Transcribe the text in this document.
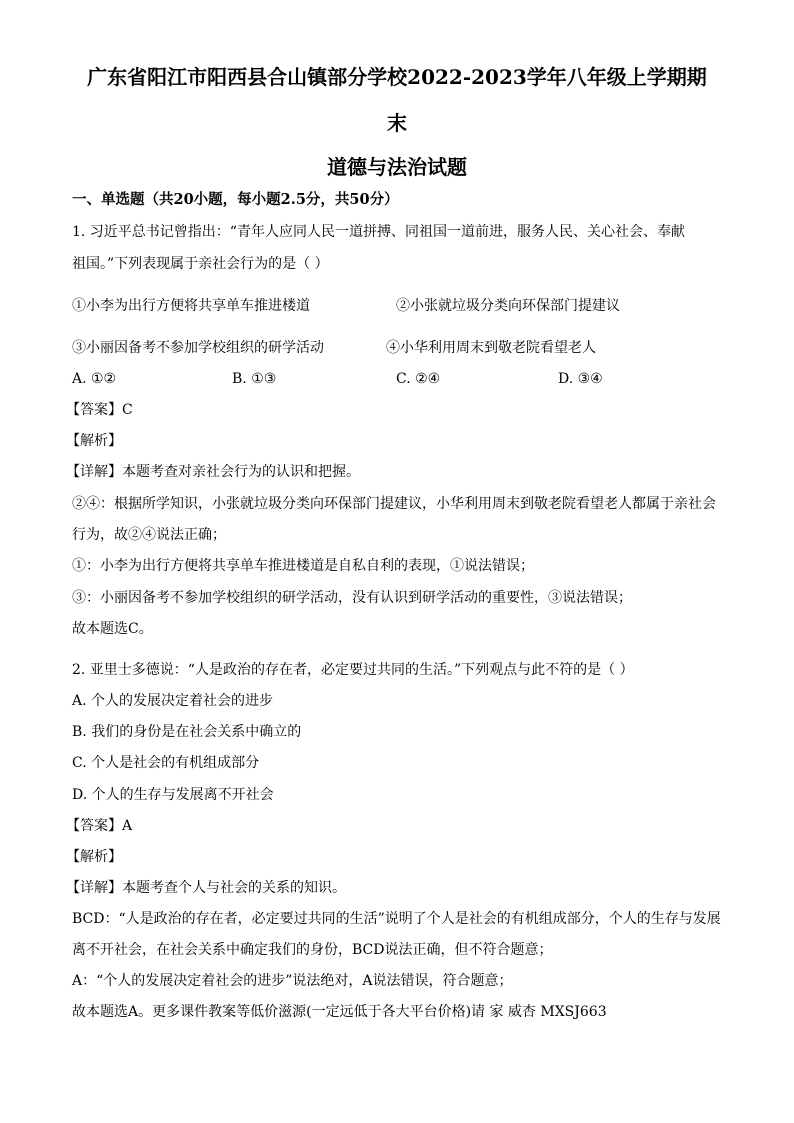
广东省阳江市阳西县合山镇部分学校2022-2023学年八年级上学期期
末
道德与法治试题
一、单选题（共20小题，每小题2.5分，共50分）
1. 习近平总书记曾指出：“青年人应同人民一道拼搏、同祖国一道前进，服务人民、关心社会、奉献
祖国。”下列表现属于亲社会行为的是（ ）
①小李为出行方便将共享单车推进楼道	②小张就垃圾分类向环保部门提建议
③小丽因备考不参加学校组织的研学活动	④小华利用周末到敬老院看望老人
A. ①②	B. ①③	C. ②④	D. ③④
【答案】C
【解析】
【详解】本题考查对亲社会行为的认识和把握。
②④：根据所学知识，小张就垃圾分类向环保部门提建议，小华利用周末到敬老院看望老人都属于亲社会
行为，故②④说法正确；
①：小李为出行方便将共享单车推进楼道是自私自利的表现，①说法错误；
③：小丽因备考不参加学校组织的研学活动，没有认识到研学活动的重要性，③说法错误；
故本题选C。
2. 亚里士多德说：“人是政治的存在者，必定要过共同的生活。”下列观点与此不符的是（ ）
A. 个人的发展决定着社会的进步
B. 我们的身份是在社会关系中确立的
C. 个人是社会的有机组成部分
D. 个人的生存与发展离不开社会
【答案】A
【解析】
【详解】本题考查个人与社会的关系的知识。
BCD：“人是政治的存在者，必定要过共同的生活”说明了个人是社会的有机组成部分，个人的生存与发展
离不开社会，在社会关系中确定我们的身份，BCD说法正确，但不符合题意；
A：“个人的发展决定着社会的进步”说法绝对，A说法错误，符合题意；
故本题选A。更多课件教案等低价滋源(一定远低于各大平台价格)请 家 威杏 MXSJ663
